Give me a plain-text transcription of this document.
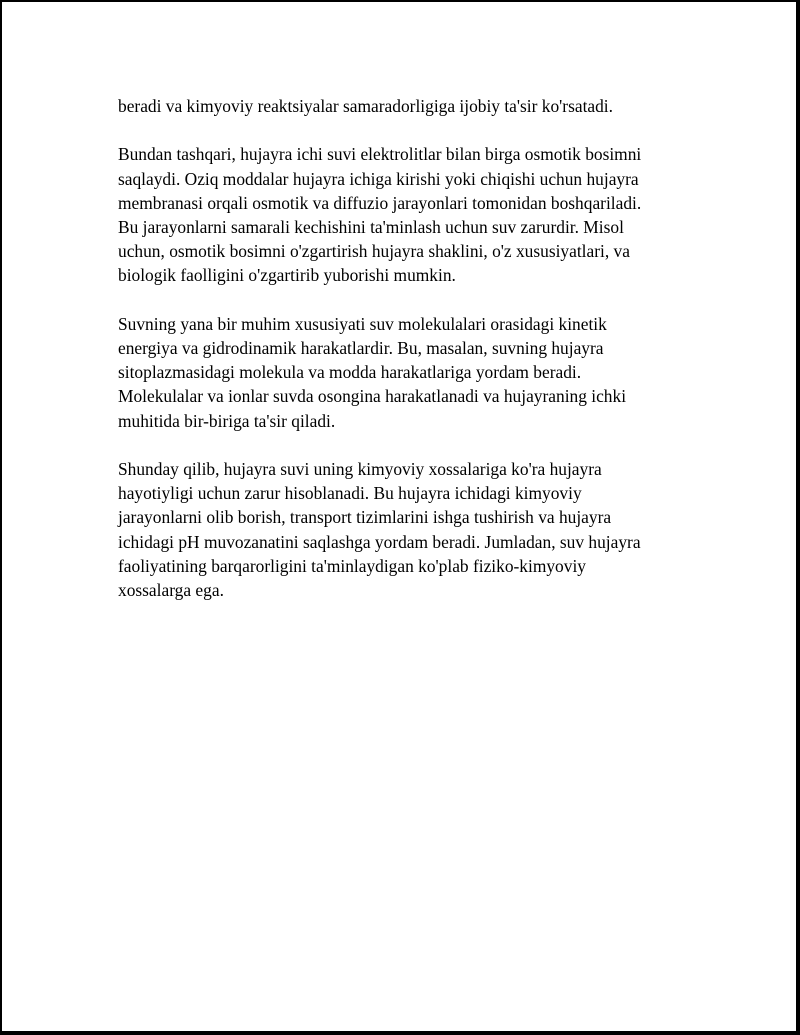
beradi va kimyoviy reaktsiyalar samaradorligiga ijobiy ta'sir ko'rsatadi.

Bundan tashqari, hujayra ichi suvi elektrolitlar bilan birga osmotik bosimni
saqlaydi. Oziq moddalar hujayra ichiga kirishi yoki chiqishi uchun hujayra
membranasi orqali osmotik va diffuzio jarayonlari tomonidan boshqariladi.
Bu jarayonlarni samarali kechishini ta'minlash uchun suv zarurdir. Misol
uchun, osmotik bosimni o'zgartirish hujayra shaklini, o'z xususiyatlari, va
biologik faolligini o'zgartirib yuborishi mumkin.

Suvning yana bir muhim xususiyati suv molekulalari orasidagi kinetik
energiya va gidrodinamik harakatlardir. Bu, masalan, suvning hujayra
sitoplazmasidagi molekula va modda harakatlariga yordam beradi.
Molekulalar va ionlar suvda osongina harakatlanadi va hujayraning ichki
muhitida bir-biriga ta'sir qiladi.

Shunday qilib, hujayra suvi uning kimyoviy xossalariga ko'ra hujayra
hayotiyligi uchun zarur hisoblanadi. Bu hujayra ichidagi kimyoviy
jarayonlarni olib borish, transport tizimlarini ishga tushirish va hujayra
ichidagi pH muvozanatini saqlashga yordam beradi. Jumladan, suv hujayra
faoliyatining barqarorligini ta'minlaydigan ko'plab fiziko-kimyoviy
xossalarga ega.
